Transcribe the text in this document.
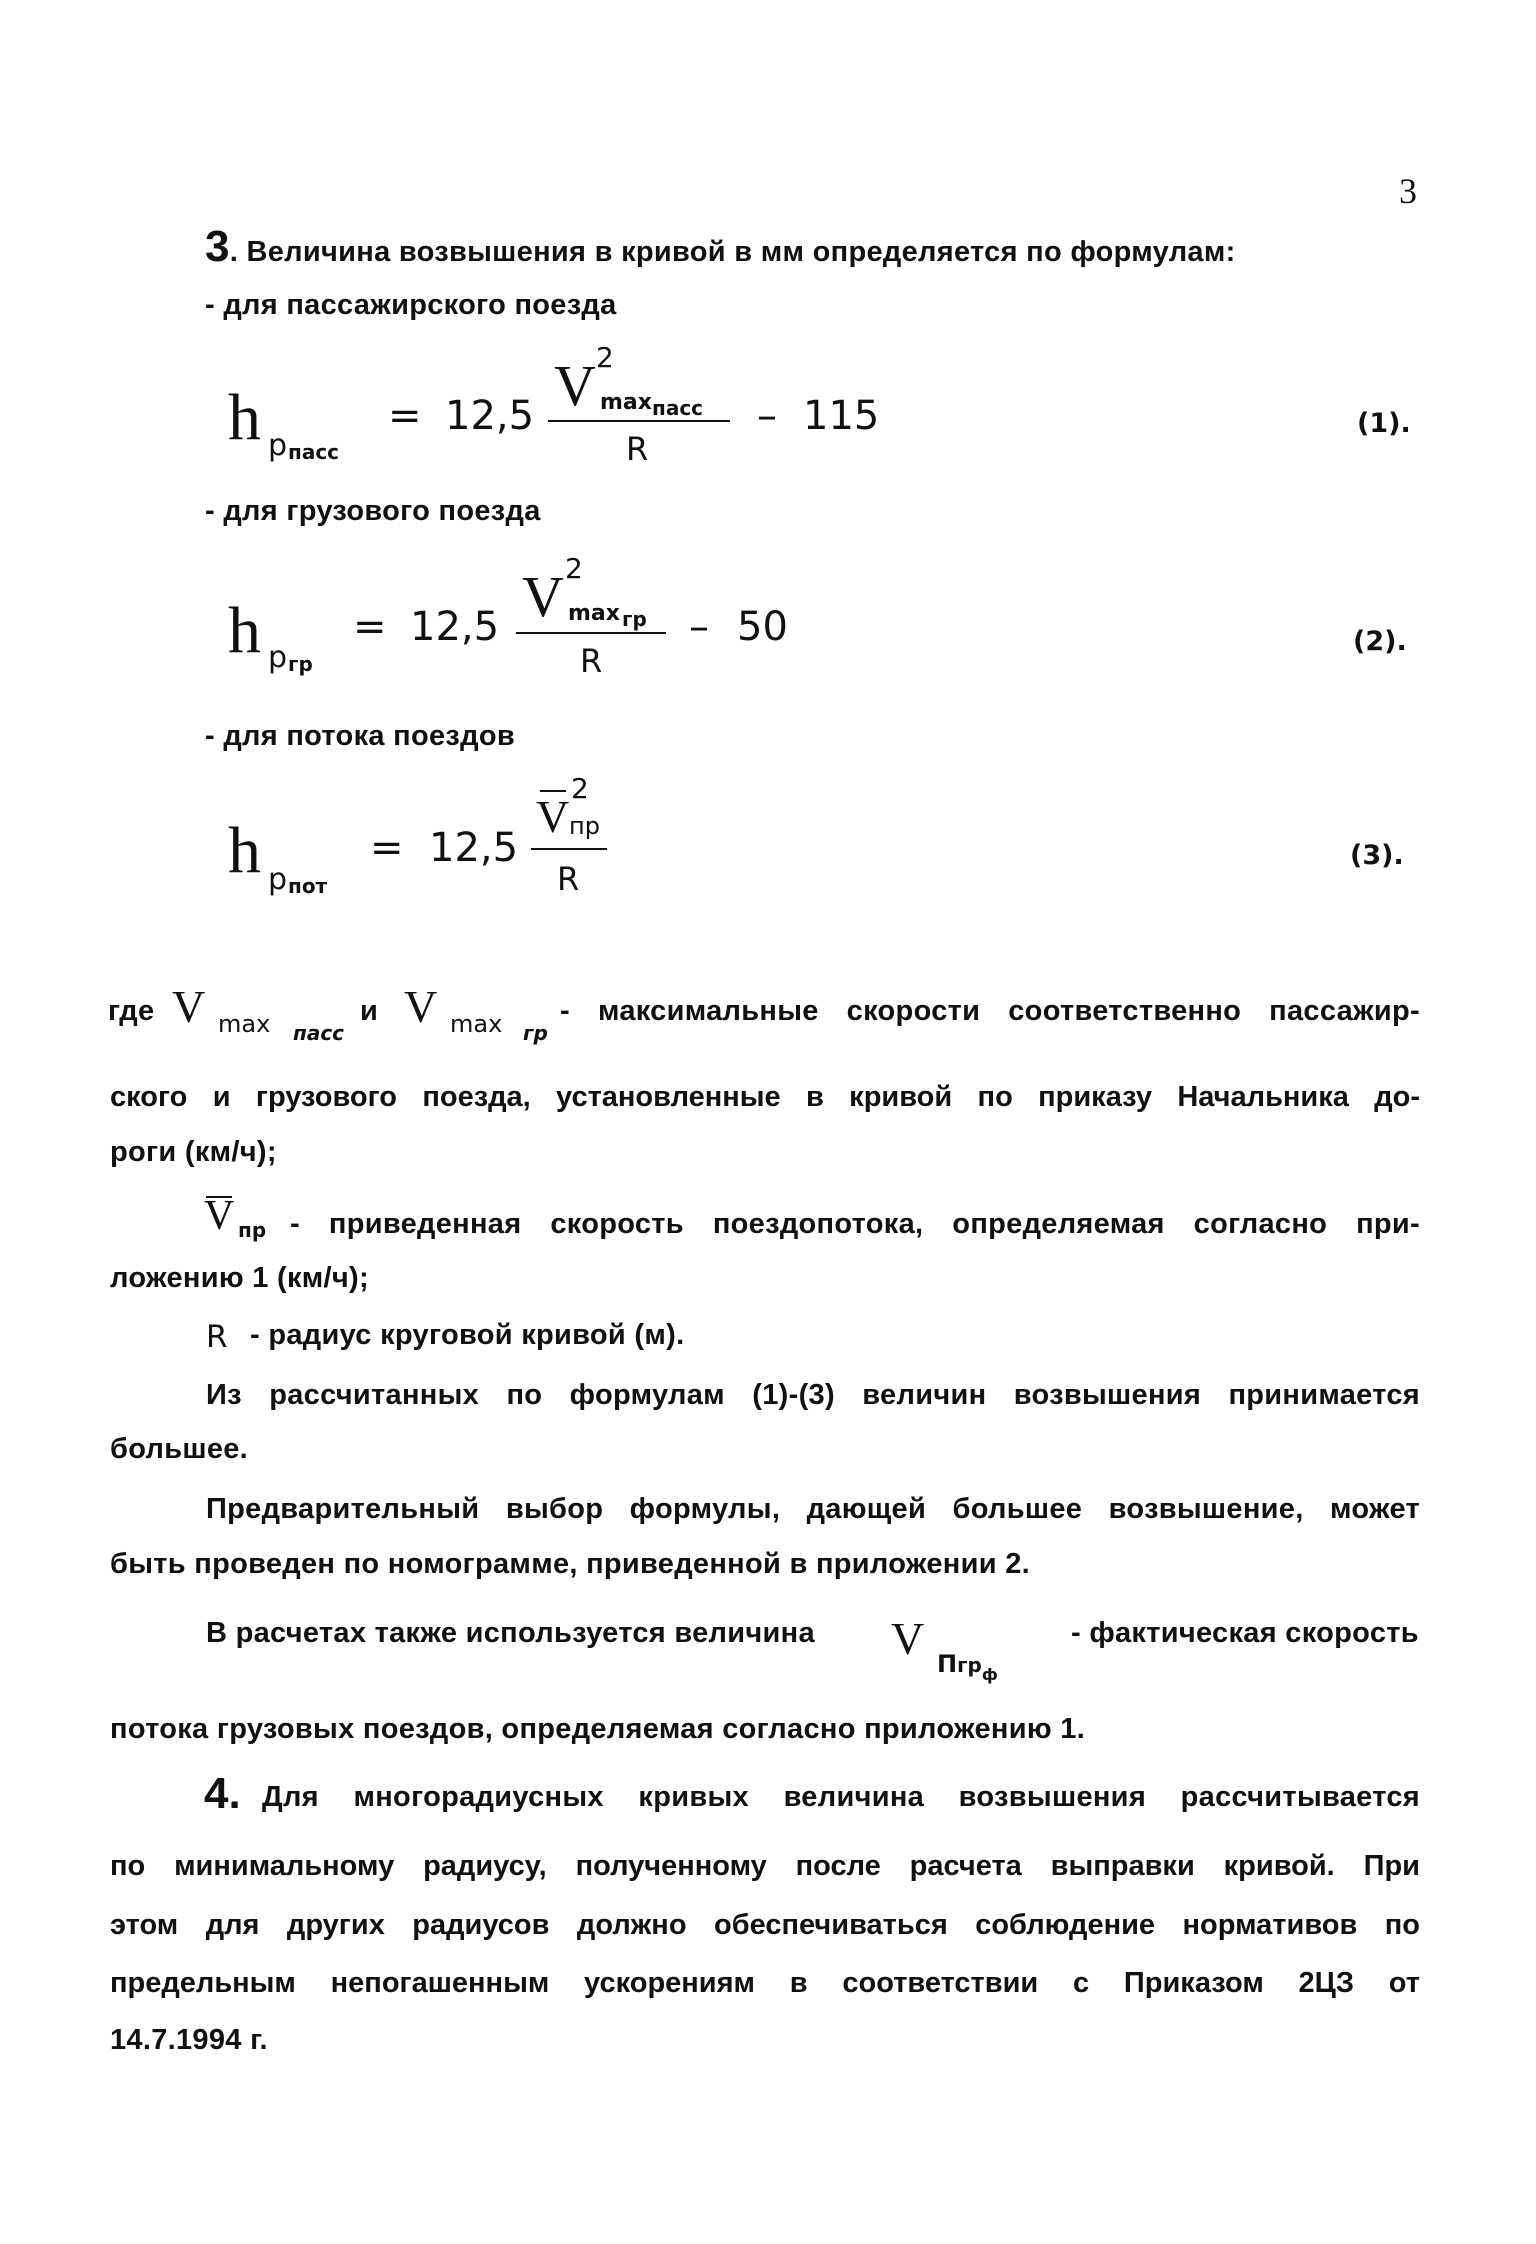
3
3. Величина возвышения в кривой в мм определяется по формулам:
- для пассажирского поезда
h p пасс
= 12,5
2
V max пасс
R
– 115	(1).
- для грузового поезда
h p гр
= 12,5
2
V max гр
R
– 50	(2).
- для потока поездов
h p пот
= 12,5
2
V пр
R
(3).
где V max пасс
и V max гр
- максимальные скорости соответственно пассажир-
ского и грузового поезда, установленные в кривой по приказу Начальника до-
роги (км/ч);
V пр - приведенная скорость поездопотока, определяемая согласно при-
ложению 1 (км/ч);
R - радиус круговой кривой (м).
Из рассчитанных по формулам (1)-(3) величин возвышения принимается
большее.
Предварительный выбор формулы, дающей большее возвышение, может
быть проведен по номограмме, приведенной в приложении 2.
В расчетах также используется величина V Пгр$_ф$
- фактическая скорость
потока грузовых поездов, определяемая согласно приложению 1.
4. Для многорадиусных кривых величина возвышения рассчитывается
по минимальному радиусу, полученному после расчета выправки кривой. При
этом для других радиусов должно обеспечиваться соблюдение нормативов по
предельным непогашенным ускорениям в соответствии с Приказом 2ЦЗ от
14.7.1994 г.
